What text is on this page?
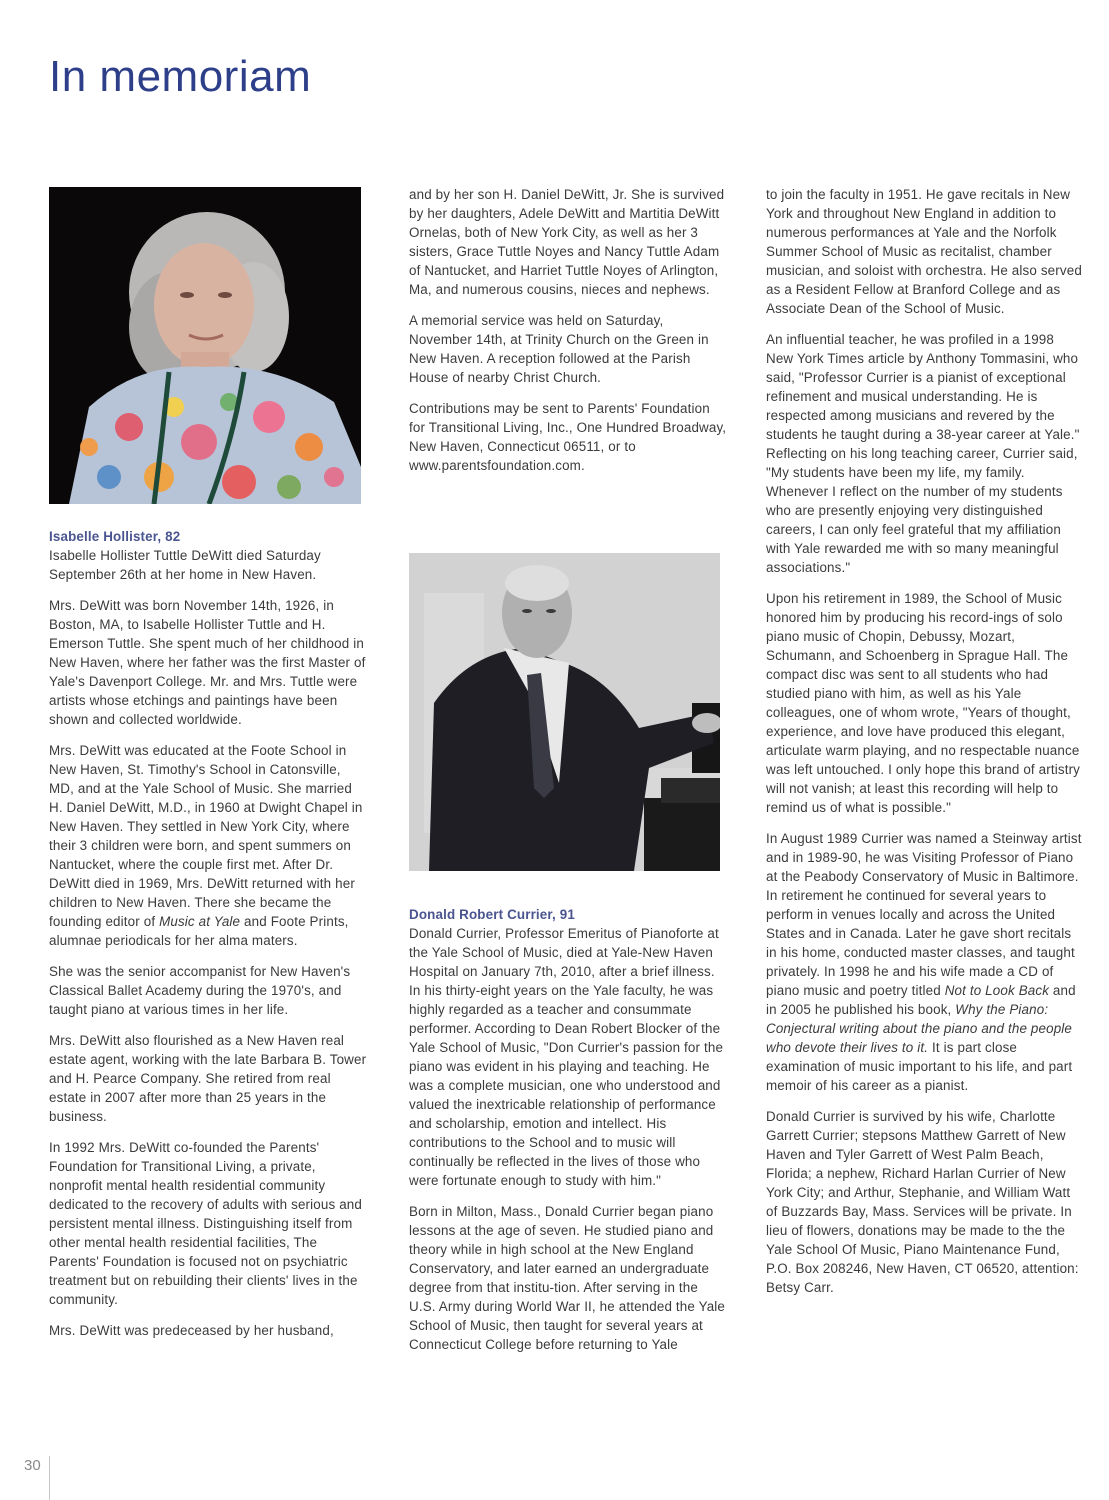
In memoriam

Isabelle Hollister, 82

Isabelle Hollister Tuttle DeWitt died Saturday September 26th at her home in New Haven.

Mrs. DeWitt was born November 14th, 1926, in Boston, MA, to Isabelle Hollister Tuttle and H. Emerson Tuttle. She spent much of her childhood in New Haven, where her father was the first Master of Yale's Davenport College. Mr. and Mrs. Tuttle were artists whose etchings and paintings have been shown and collected worldwide.

Mrs. DeWitt was educated at the Foote School in New Haven, St. Timothy's School in Catonsville, MD, and at the Yale School of Music. She married H. Daniel DeWitt, M.D., in 1960 at Dwight Chapel in New Haven. They settled in New York City, where their 3 children were born, and spent summers on Nantucket, where the couple first met. After Dr. DeWitt died in 1969, Mrs. DeWitt returned with her children to New Haven. There she became the founding editor of Music at Yale and Foote Prints, alumnae periodicals for her alma maters.

She was the senior accompanist for New Haven's Classical Ballet Academy during the 1970's, and taught piano at various times in her life.

Mrs. DeWitt also flourished as a New Haven real estate agent, working with the late Barbara B. Tower and H. Pearce Company. She retired from real estate in 2007 after more than 25 years in the business.

In 1992 Mrs. DeWitt co-founded the Parents' Foundation for Transitional Living, a private, nonprofit mental health residential community dedicated to the recovery of adults with serious and persistent mental illness. Distinguishing itself from other mental health residential facilities, The Parents' Foundation is focused not on psychiatric treatment but on rebuilding their clients' lives in the community.

Mrs. DeWitt was predeceased by her husband,

and by her son H. Daniel DeWitt, Jr. She is survived by her daughters, Adele DeWitt and Martitia DeWitt Ornelas, both of New York City, as well as her 3 sisters, Grace Tuttle Noyes and Nancy Tuttle Adam of Nantucket, and Harriet Tuttle Noyes of Arlington, Ma, and numerous cousins, nieces and nephews.

A memorial service was held on Saturday, November 14th, at Trinity Church on the Green in New Haven. A reception followed at the Parish House of nearby Christ Church.

Contributions may be sent to Parents' Foundation for Transitional Living, Inc., One Hundred Broadway, New Haven, Connecticut 06511, or to www.parentsfoundation.com.

Donald Robert Currier, 91

Donald Currier, Professor Emeritus of Pianoforte at the Yale School of Music, died at Yale-New Haven Hospital on January 7th, 2010, after a brief illness. In his thirty-eight years on the Yale faculty, he was highly regarded as a teacher and consummate performer. According to Dean Robert Blocker of the Yale School of Music, "Don Currier's passion for the piano was evident in his playing and teaching. He was a complete musician, one who understood and valued the inextricable relationship of performance and scholarship, emotion and intellect. His contributions to the School and to music will continually be reflected in the lives of those who were fortunate enough to study with him."

Born in Milton, Mass., Donald Currier began piano lessons at the age of seven. He studied piano and theory while in high school at the New England Conservatory, and later earned an undergraduate degree from that institu-tion. After serving in the U.S. Army during World War II, he attended the Yale School of Music, then taught for several years at Connecticut College before returning to Yale

to join the faculty in 1951. He gave recitals in New York and throughout New England in addition to numerous performances at Yale and the Norfolk Summer School of Music as recitalist, chamber musician, and soloist with orchestra. He also served as a Resident Fellow at Branford College and as Associate Dean of the School of Music.

An influential teacher, he was profiled in a 1998 New York Times article by Anthony Tommasini, who said, "Professor Currier is a pianist of exceptional refinement and musical understanding. He is respected among musicians and revered by the students he taught during a 38-year career at Yale." Reflecting on his long teaching career, Currier said, "My students have been my life, my family. Whenever I reflect on the number of my students who are presently enjoying very distinguished careers, I can only feel grateful that my affiliation with Yale rewarded me with so many meaningful associations."

Upon his retirement in 1989, the School of Music honored him by producing his record-ings of solo piano music of Chopin, Debussy, Mozart, Schumann, and Schoenberg in Sprague Hall. The compact disc was sent to all students who had studied piano with him, as well as his Yale colleagues, one of whom wrote, "Years of thought, experience, and love have produced this elegant, articulate warm playing, and no respectable nuance was left untouched. I only hope this brand of artistry will not vanish; at least this recording will help to remind us of what is possible."

In August 1989 Currier was named a Steinway artist and in 1989-90, he was Visiting Professor of Piano at the Peabody Conservatory of Music in Baltimore. In retirement he continued for several years to perform in venues locally and across the United States and in Canada. Later he gave short recitals in his home, conducted master classes, and taught privately. In 1998 he and his wife made a CD of piano music and poetry titled Not to Look Back and in 2005 he published his book, Why the Piano: Conjectural writing about the piano and the people who devote their lives to it. It is part close examination of music important to his life, and part memoir of his career as a pianist.

Donald Currier is survived by his wife, Charlotte Garrett Currier; stepsons Matthew Garrett of New Haven and Tyler Garrett of West Palm Beach, Florida; a nephew, Richard Harlan Currier of New York City; and Arthur, Stephanie, and William Watt of Buzzards Bay, Mass. Services will be private. In lieu of flowers, donations may be made to the the Yale School Of Music, Piano Maintenance Fund, P.O. Box 208246, New Haven, CT 06520, attention: Betsy Carr.

30
